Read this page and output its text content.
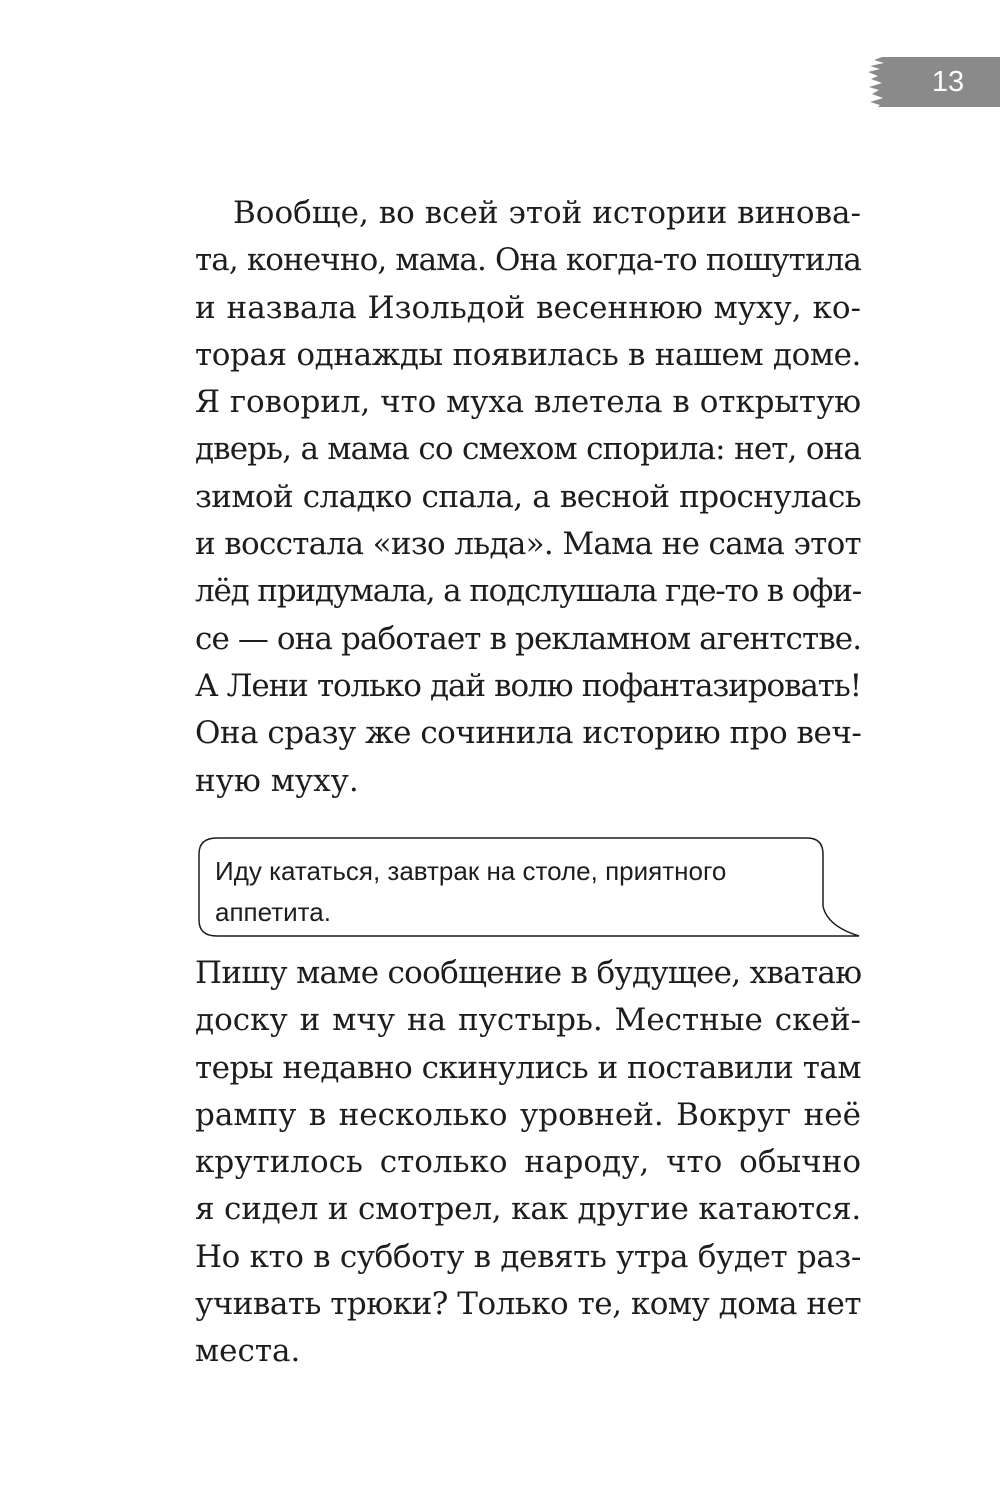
13
Вообще, во всей этой истории винова-
та, конечно, мама. Она когда-то пошутила
и назвала Изольдой весеннюю муху, ко-
торая однажды появилась в нашем доме.
Я говорил, что муха влетела в открытую
дверь, а мама со смехом спорила: нет, она
зимой сладко спала, а весной проснулась
и восстала «изо льда». Мама не сама этот
лёд придумала, а подслушала где-то в офи-
се — она работает в рекламном агентстве.
А Лени только дай волю пофантазировать!
Она сразу же сочинила историю про веч-
ную муху.
Иду кататься, завтрак на столе, приятного
аппетита.
Пишу маме сообщение в будущее, хватаю
доску и мчу на пустырь. Местные скей-
теры недавно скинулись и поставили там
рампу в несколько уровней. Вокруг неё
крутилось столько народу, что обычно
я сидел и смотрел, как другие катаются.
Но кто в субботу в девять утра будет раз-
учивать трюки? Только те, кому дома нет
места.
